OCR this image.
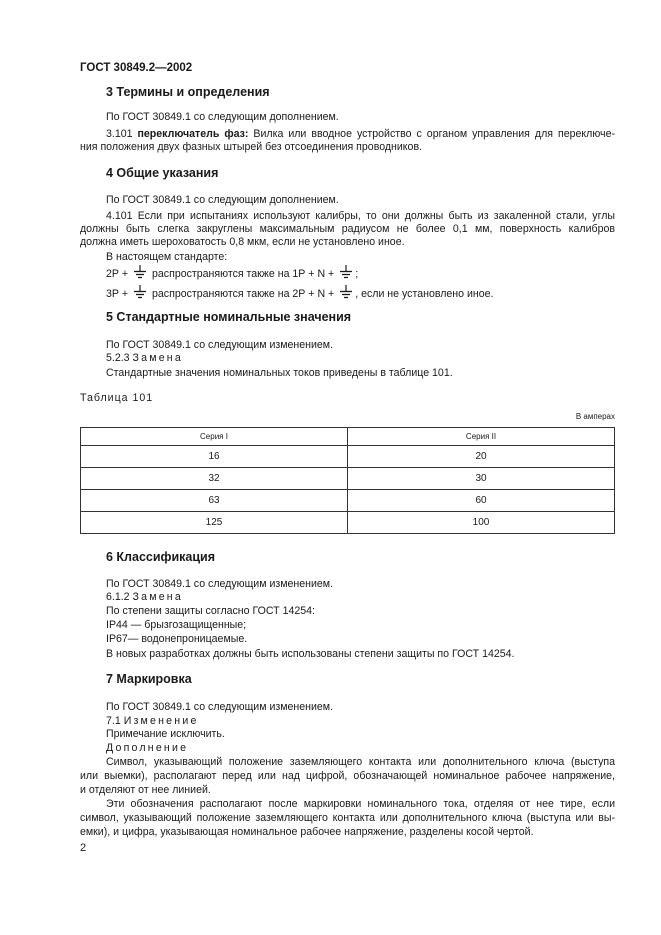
ГОСТ 30849.2—2002
3 Термины и определения
По ГОСТ 30849.1 со следующим дополнением.
3.101 переключатель фаз: Вилка или вводное устройство с органом управления для переключе-
ния положения двух фазных штырей без отсоединения проводников.
4 Общие указания
По ГОСТ 30849.1 со следующим дополнением.
4.101 Если при испытаниях используют калибры, то они должны быть из закаленной стали, углы
должны быть слегка закруглены максимальным радиусом не более 0,1 мм, поверхность калибров
должна иметь шероховатость 0,8 мкм, если не установлено иное.
В настоящем стандарте:
2Р + распространяются также на 1Р + N + ;
3Р + распространяются также на 2Р + N + , если не установлено иное.
5 Стандартные номинальные значения
По ГОСТ 30849.1 со следующим изменением.
5.2.3 Замена
Стандартные значения номинальных токов приведены в таблице 101.
Таблица 101
В амперах
Серия I	Серия II
16	20
32	30
63	60
125	100
6 Классификация
По ГОСТ 30849.1 со следующим изменением.
6.1.2 Замена
По степени защиты согласно ГОСТ 14254:
IP44 — брызгозащищенные;
IP67— водонепроницаемые.
В новых разработках должны быть использованы степени защиты по ГОСТ 14254.
7 Маркировка
По ГОСТ 30849.1 со следующим изменением.
7.1 Изменение
Примечание исключить.
Дополнение
Символ, указывающий положение заземляющего контакта или дополнительного ключа (выступа
или выемки), располагают перед или над цифрой, обозначающей номинальное рабочее напряжение,
и отделяют от нее линией.
Эти обозначения располагают после маркировки номинального тока, отделяя от нее тире, если
символ, указывающий положение заземляющего контакта или дополнительного ключа (выступа или вы-
емки), и цифра, указывающая номинальное рабочее напряжение, разделены косой чертой.
2
